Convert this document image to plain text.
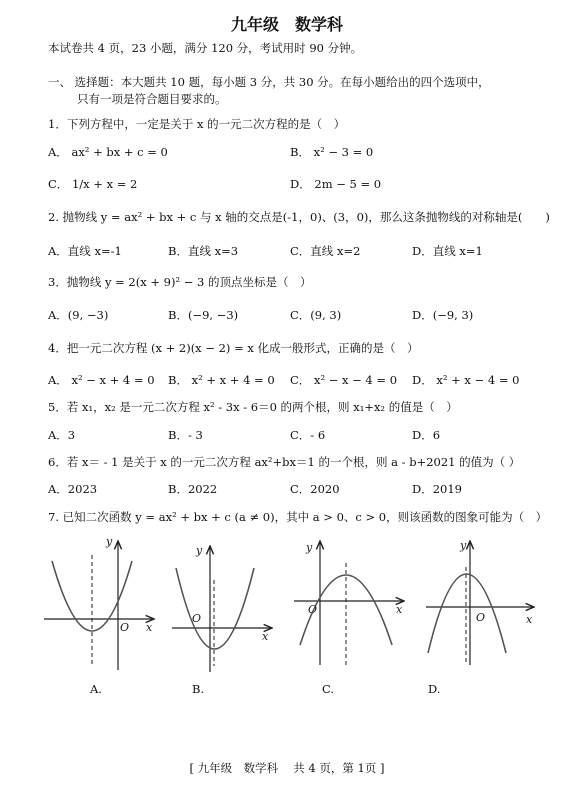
九年级　数学科
本试卷共 4 页，23 小题，满分 120 分，考试用时 90 分钟。
一、 选择题：本大题共 10 题，每小题 3 分，共 30 分。在每小题给出的四个选项中，
只有一项是符合题目要求的。
1．下列方程中，一定是关于 x 的一元二次方程的是（　）
A． ax² + bx + c = 0	B． x² − 3 = 0
C． 1/x + x = 2	D． 2m − 5 = 0
2. 抛物线 y = ax² + bx + c 与 x 轴的交点是(-1，0)、(3，0)，那么这条抛物线的对称轴是(　　)
A．直线 x=-1	B．直线 x=3	C．直线 x=2	D．直线 x=1
3．抛物线 y = 2(x + 9)² − 3 的顶点坐标是（　）
A．(9, −3)	B．(−9, −3)	C．(9, 3)	D．(−9, 3)
4．把一元二次方程 (x + 2)(x − 2) = x 化成一般形式，正确的是（　）
A． x² − x + 4 = 0 B． x² + x + 4 = 0 C． x² − x − 4 = 0 D． x² + x − 4 = 0
5．若 x₁，x₂ 是一元二次方程 x² - 3x - 6＝0 的两个根，则 x₁+x₂ 的值是（　）
A．3	B．- 3	C．- 6	D．6
6．若 x＝ - 1 是关于 x 的一元二次方程 ax²+bx＝1 的一个根，则 a - b+2021 的值为（ ）
A．2023	B．2022	C．2020	D．2019
7. 已知二次函数 y = ax² + bx + c (a ≠ 0)，其中 a > 0、c > 0，则该函数的图象可能为（　）
y
x
O
A.
y
x
O
B.
y
x
O
C.
y
x
O
D.
[ 九年级　数学科　 共 4 页，第 1页 ]
